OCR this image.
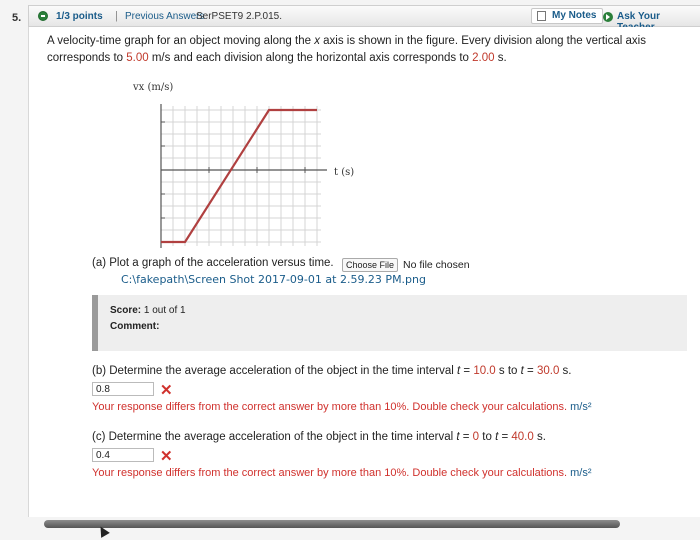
5.	1/3 points | Previous Answers
SerPSET9 2.P.015.	My Notes	Ask Your
A velocity-time graph for an object moving along the x axis is shown in the figure. Every division along the vertical axis corresponds to 5.00 m/s and each division along the horizontal axis corresponds to 2.00 s.
vx (m/s)
t (s)
(a) Plot a graph of the acceleration versus time.	Choose File No file chosen
C:\fakepath\Screen Shot 2017-09-01 at 2.59.23 PM.png
Score: 1 out of 1
Comment:
(b) Determine the average acceleration of the object in the time interval t = 10.0 s to t = 30.0 s.
0.8
✕
Your response differs from the correct answer by more than 10%. Double check your calculations. m/s²
(c) Determine the average acceleration of the object in the time interval t = 0 to t = 40.0 s.
0.4
✕
Your response differs from the correct answer by more than 10%. Double check your calculations. m/s²
